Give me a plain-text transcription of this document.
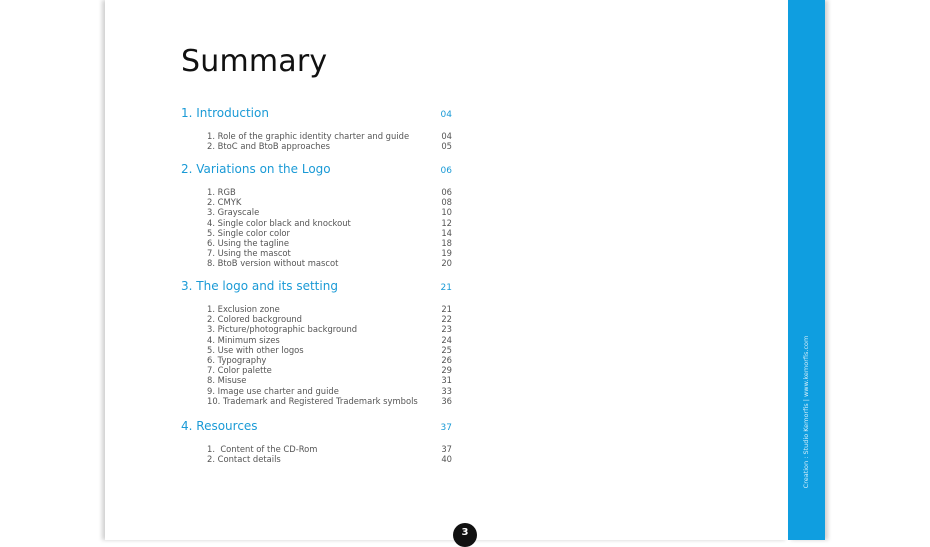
Creation : Studio Kemorfis | www.kemorfis.com
Summary
1. Introduction	04
1. Role of the graphic identity charter and guide	04
2. BtoC and BtoB approaches	05
2. Variations on the Logo	06
1. RGB	06
2. CMYK	08
3. Grayscale	10
4. Single color black and knockout	12
5. Single color color	14
6. Using the tagline	18
7. Using the mascot	19
8. BtoB version without mascot	20
3. The logo and its setting	21
1. Exclusion zone	21
2. Colored background	22
3. Picture/photographic background	23
4. Minimum sizes	24
5. Use with other logos	25
6. Typography	26
7. Color palette	29
8. Misuse	31
9. Image use charter and guide	33
10. Trademark and Registered Trademark symbols	36
4. Resources	37
1.  Content of the CD-Rom	37
2. Contact details	40
3
